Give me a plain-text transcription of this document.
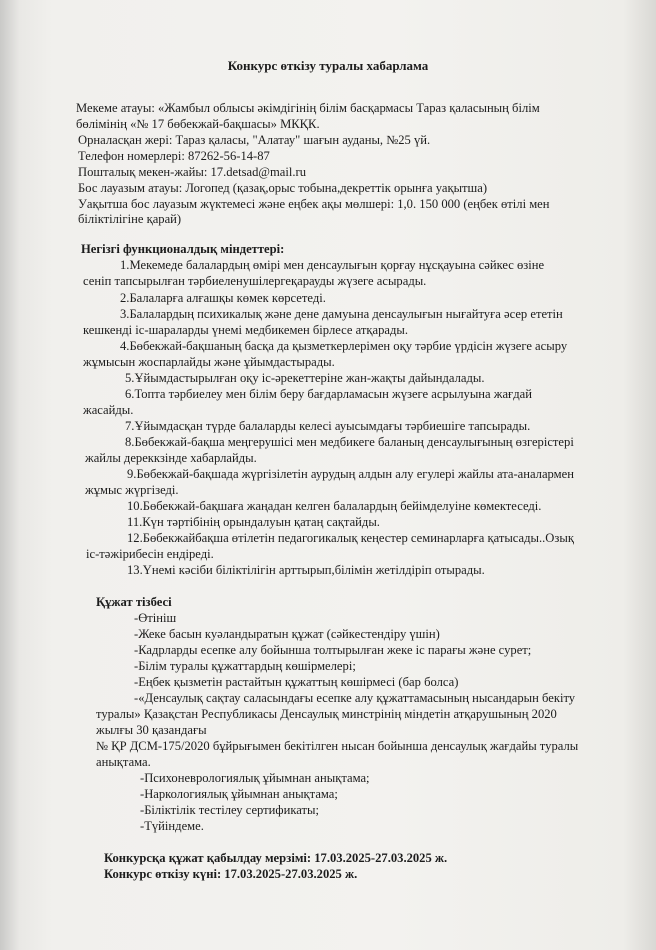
Конкурс өткізу туралы хабарлама
Мекеме атауы: «Жамбыл облысы әкімдігінің білім басқармасы Тараз қаласының білім
бөлімінің «№ 17 бөбекжай-бақшасы» МКҚК.
Орналасқан жері: Тараз қаласы, "Алатау" шағын ауданы, №25 үй.
Телефон номерлері: 87262-56-14-87
Пошталық мекен-жайы: 17.detsad@mail.ru
Бос лауазым атауы: Логопед (қазақ,орыс тобына,декреттік орынға уақытша)
Уақытша бос лауазым жүктемесі және еңбек ақы мөлшері: 1,0. 150 000 (еңбек өтілі мен
біліктілігіне қарай)
Негізгі функционалдық міндеттері:
1.Мекемеде балалардың өмірі мен денсаулығын қорғау нұсқауына сәйкес өзіне
сеніп тапсырылған тәрбиеленушілергеқарауды жүзеге асырады.
2.Балаларға алғашқы көмек көрсетеді.
3.Балалардың психикалық және дене дамуына денсаулығын нығайтуға әсер ететін
кешкенді іс-шараларды үнемі медбикемен бірлесе атқарады.
4.Бөбекжай-бақшаның басқа да қызметкерлерімен оқу тәрбие үрдісін жүзеге асыру
жұмысын жоспарлайды және ұйымдастырады.
5.Ұйымдастырылған оқу іс-әрекеттеріне жан-жақты дайындалады.
6.Топта тәрбиелеу мен білім беру бағдарламасын жүзеге асрылуына жағдай
жасайды.
7.Ұйымдасқан түрде балаларды келесі ауысымдағы тәрбиешіге тапсырады.
8.Бөбекжай-бақша меңгерушісі мен медбикеге баланың денсаулығының өзгерістері
жайлы дереккзінде хабарлайды.
9.Бөбекжай-бақшада жүргізілетін аурудың алдын алу егулері жайлы ата-аналармен
жұмыс жүргізеді.
10.Бөбекжай-бақшаға жаңадан келген балалардың бейімделуіне көмектеседі.
11.Күн тәртібінің орындалуын қатаң сақтайды.
12.Бөбекжайбақша өтілетін педагогикалық кеңестер семинарларға қатысады..Озық
іс-тәжірибесін ендіреді.
13.Үнемі кәсіби біліктілігін арттырып,білімін жетілдіріп отырады.
Құжат тізбесі
-Өтініш
-Жеке басын куәландыратын құжат (сәйкестендіру үшін)
-Кадрларды есепке алу бойынша толтырылған жеке іс парағы және сурет;
-Білім туралы құжаттардың көшірмелері;
-Еңбек қызметін растайтын құжаттың көшірмесі (бар болса)
-«Денсаулық сақтау саласындағы есепке алу құжаттамасының нысандарын бекіту
туралы» Қазақстан Республикасы Денсаулық минстрінің міндетін атқарушының 2020
жылғы 30 қазандағы
№ ҚР ДСМ-175/2020 бұйрығымен бекітілген нысан бойынша денсаулық жағдайы туралы
анықтама.
-Психоневрологиялық ұйымнан анықтама;
-Наркологиялық ұйымнан анықтама;
-Біліктілік тестілеу сертификаты;
-Түйіндеме.
Конкурсқа құжат қабылдау мерзімі: 17.03.2025-27.03.2025 ж.
Конкурс өткізу күні: 17.03.2025-27.03.2025 ж.
